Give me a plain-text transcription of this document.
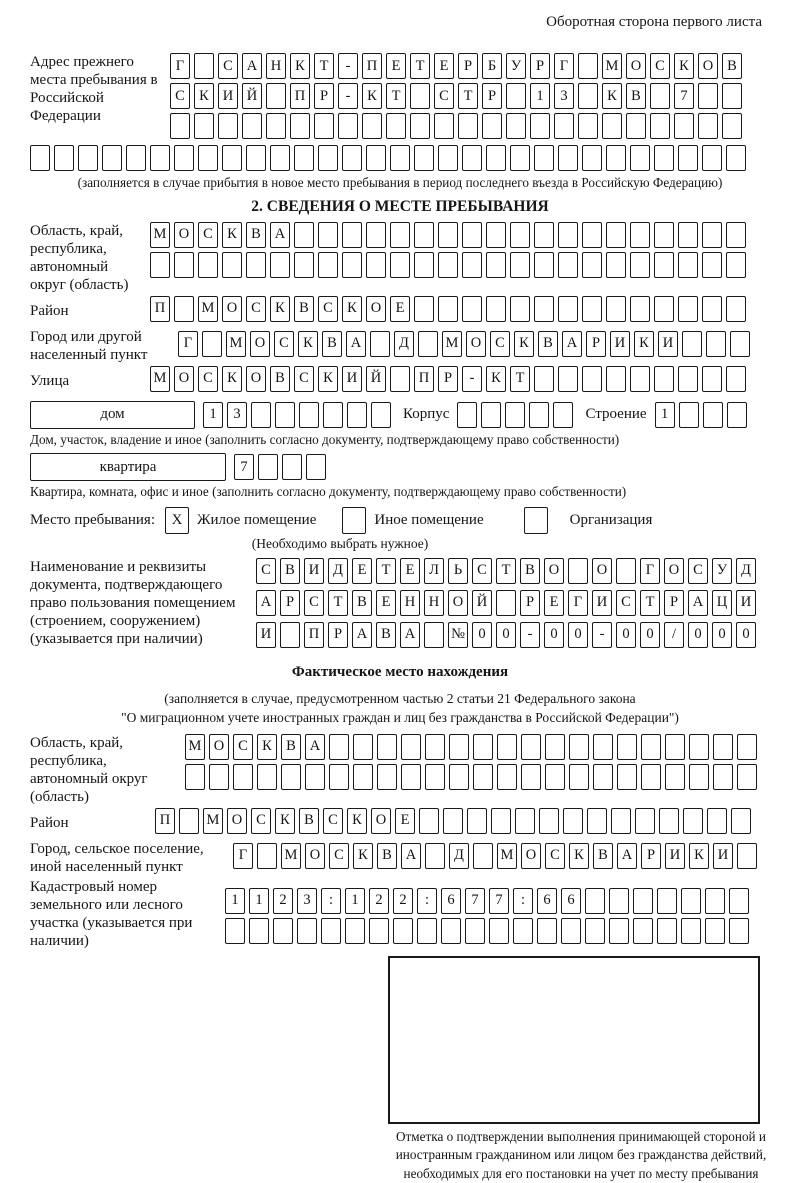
Оборотная сторона первого листа
Адрес прежнего места пребывания в Российской Федерации
Г	С А Н К	Т	-	П Е	Т	Е	Р	Б	У	Р	Г	М О С К О В
С К И Й	П	Р	-	К	Т	С	Т	Р	1	3	К В	7
(заполняется в случае прибытия в новое место пребывания в период последнего въезда в Российскую Федерацию)
2. СВЕДЕНИЯ О МЕСТЕ ПРЕБЫВАНИЯ
Область, край, республика, автономный округ (область)
М О С К В А
Район	П	М О С К В С К О Е
Город или другой населенный пункт
Г	М О С К В А	Д	М О С К В А	Р	И К И
Улица	М О С К О В С К И Й	П	Р	-	К	Т
дом	1	3	Корпус	Строение 1
Дом, участок, владение и иное (заполнить согласно документу, подтверждающему право собственности)
квартира	7
Квартира, комната, офис и иное (заполнить согласно документу, подтверждающему право собственности)
Место пребывания:	X Жилое помещение	Иное помещение	Организация
(Необходимо выбрать нужное)
Наименование и реквизиты документа, подтверждающего право пользования помещением (строением, сооружением) (указывается при наличии)
С В И Д	Е	Т	Е	Л	Ь	С	Т	В О	О	Г	О С У Д
А	Р	С	Т	В	Е Н Н О Й	Р	Е	Г	И С	Т	Р	А Ц И
И	П	Р	А В А	№ 0	0	-	0	0	-	0	0	/	0	0	0
Фактическое место нахождения
(заполняется в случае, предусмотренном частью 2 статьи 21 Федерального закона
"О миграционном учете иностранных граждан и лиц без гражданства в Российской Федерации")
Область, край, республика, автономный округ (область)
М О С К В А
Район	П	М О С К В С К О Е
Город, сельское поселение, иной населенный пункт
Г	М О С К В А	Д	М О С К В А	Р	И К И
Кадастровый номер земельного или лесного участка (указывается при наличии)
1	1	2	3	:	1	2	2	:	6	7	7	:	6	6
Отметка о подтверждении выполнения принимающей стороной и иностранным гражданином или лицом без гражданства действий, необходимых для его постановки на учет по месту пребывания
